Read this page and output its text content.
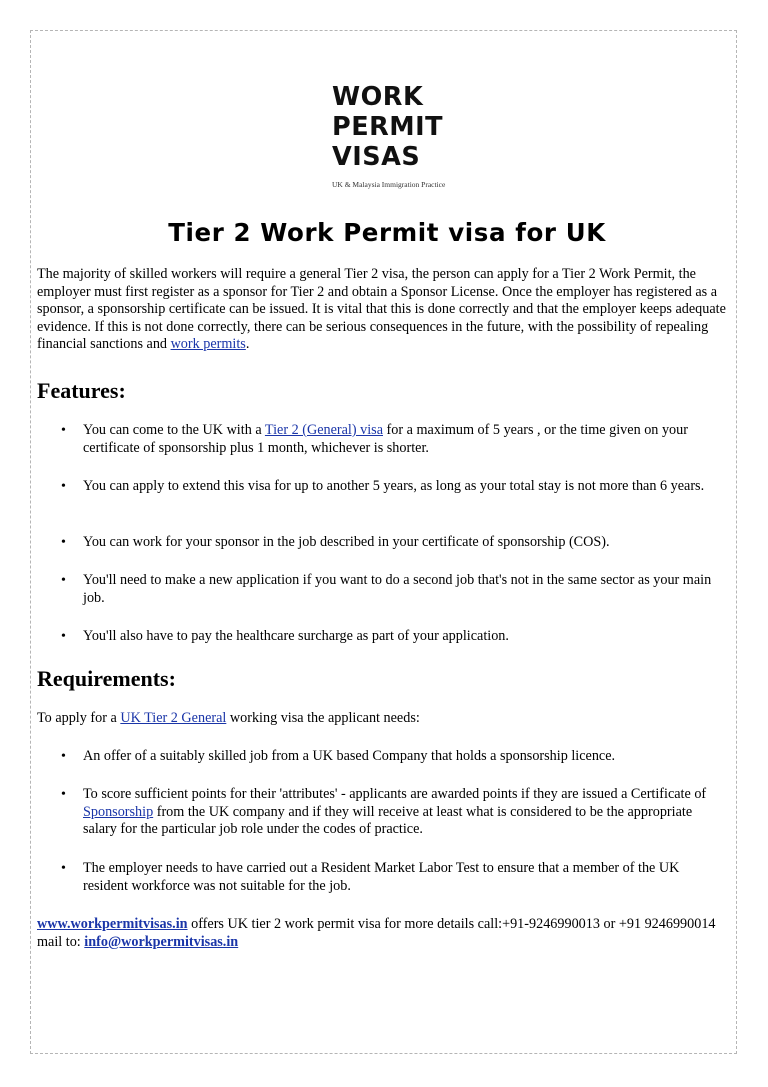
WORK
PERMIT
VISAS
UK & Malaysia Immigration Practice
Tier 2 Work Permit visa for UK

The majority of skilled workers will require a general Tier 2 visa, the person can apply for a Tier 2 Work Permit, the employer must first register as a sponsor for Tier 2 and obtain a Sponsor License. Once the employer has registered as a sponsor, a sponsorship certificate can be issued. It is vital that this is done correctly and that the employer keeps adequate evidence. If this is not done correctly, there can be serious consequences in the future, with the possibility of repealing financial sanctions and work permits.

Features:
• You can come to the UK with a Tier 2 (General) visa for a maximum of 5 years , or the time given on your certificate of sponsorship plus 1 month, whichever is shorter.
• You can apply to extend this visa for up to another 5 years, as long as your total stay is not more than 6 years.
• You can work for your sponsor in the job described in your certificate of sponsorship (COS).
• You'll need to make a new application if you want to do a second job that's not in the same sector as your main job.
• You'll also have to pay the healthcare surcharge as part of your application.
Requirements:

To apply for a UK Tier 2 General working visa the applicant needs:

• An offer of a suitably skilled job from a UK based Company that holds a sponsorship licence.
• To score sufficient points for their 'attributes' - applicants are awarded points if they are issued a Certificate of Sponsorship from the UK company and if they will receive at least what is considered to be the appropriate salary for the particular job role under the codes of practice.
• The employer needs to have carried out a Resident Market Labor Test to ensure that a member of the UK resident workforce was not suitable for the job.

www.workpermitvisas.in offers UK tier 2 work permit visa for more details call:+91-9246990013 or +91 9246990014 mail to: info@workpermitvisas.in
